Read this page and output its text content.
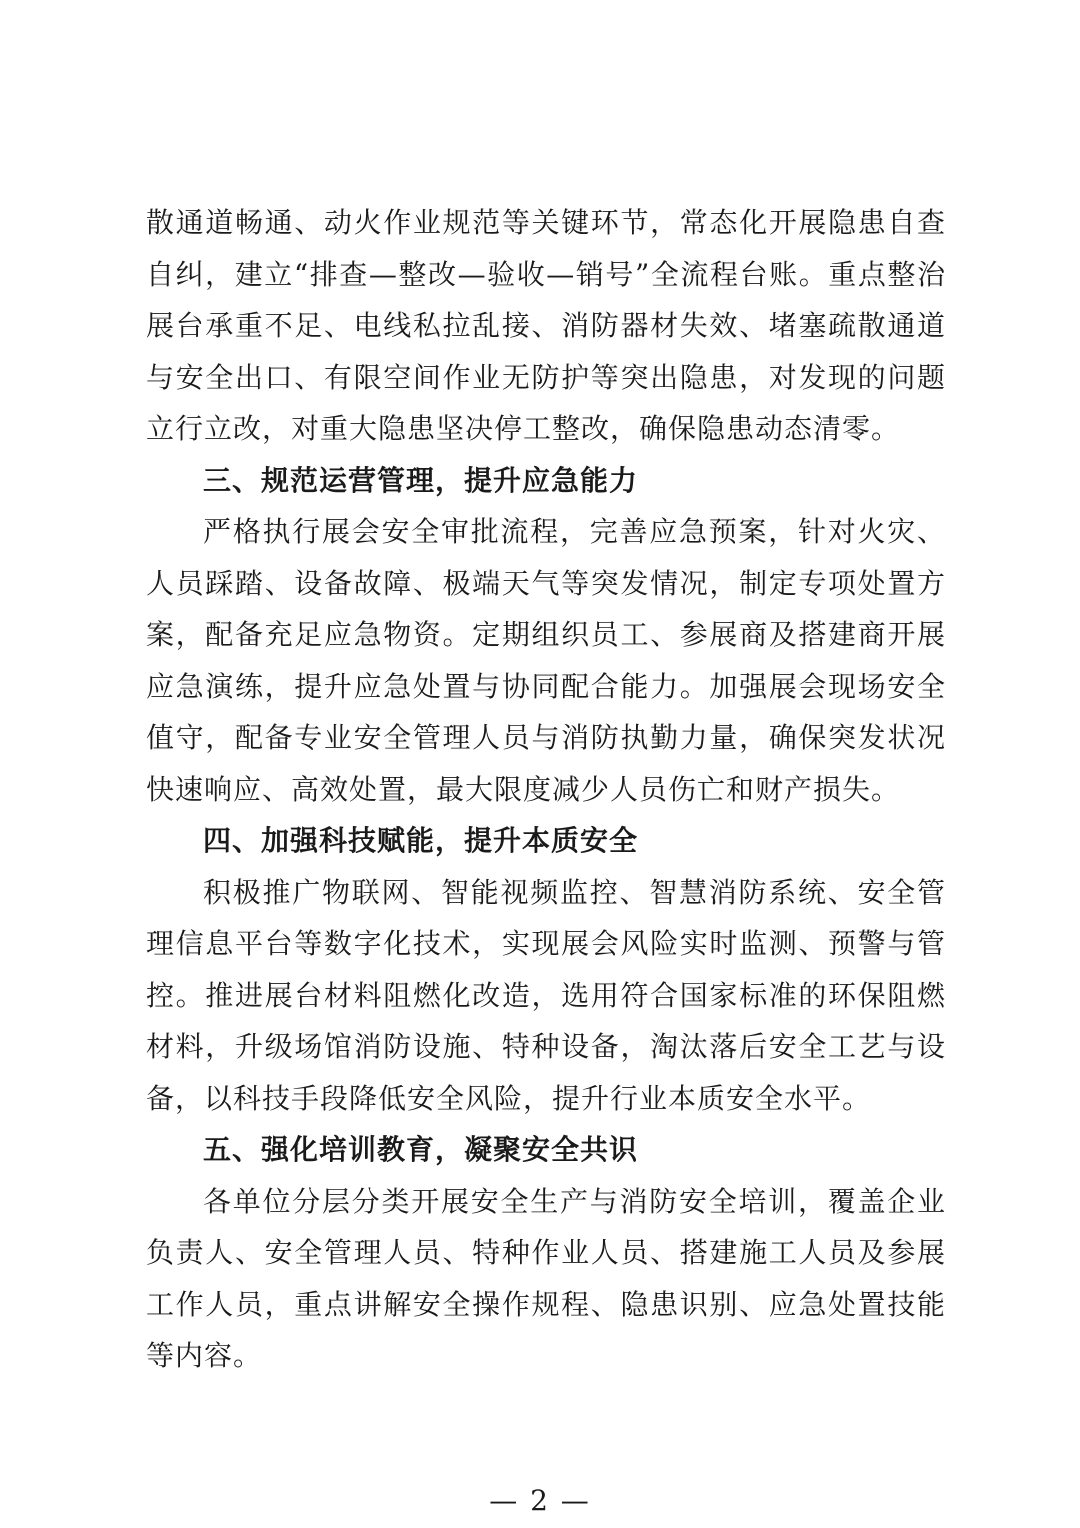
散通道畅通、动火作业规范等关键环节，常态化开展隐患自查自纠，建立“排查—整改—验收—销号”全流程台账。重点整治展台承重不足、电线私拉乱接、消防器材失效、堵塞疏散通道与安全出口、有限空间作业无防护等突出隐患，对发现的问题立行立改，对重大隐患坚决停工整改，确保隐患动态清零。

三、规范运营管理，提升应急能力

严格执行展会安全审批流程，完善应急预案，针对火灾、人员踩踏、设备故障、极端天气等突发情况，制定专项处置方案，配备充足应急物资。定期组织员工、参展商及搭建商开展应急演练，提升应急处置与协同配合能力。加强展会现场安全值守，配备专业安全管理人员与消防执勤力量，确保突发状况快速响应、高效处置，最大限度减少人员伤亡和财产损失。

四、加强科技赋能，提升本质安全

积极推广物联网、智能视频监控、智慧消防系统、安全管理信息平台等数字化技术，实现展会风险实时监测、预警与管控。推进展台材料阻燃化改造，选用符合国家标准的环保阻燃材料，升级场馆消防设施、特种设备，淘汰落后安全工艺与设备，以科技手段降低安全风险，提升行业本质安全水平。

五、强化培训教育，凝聚安全共识

各单位分层分类开展安全生产与消防安全培训，覆盖企业负责人、安全管理人员、特种作业人员、搭建施工人员及参展工作人员，重点讲解安全操作规程、隐患识别、应急处置技能等内容。

— 2 —
